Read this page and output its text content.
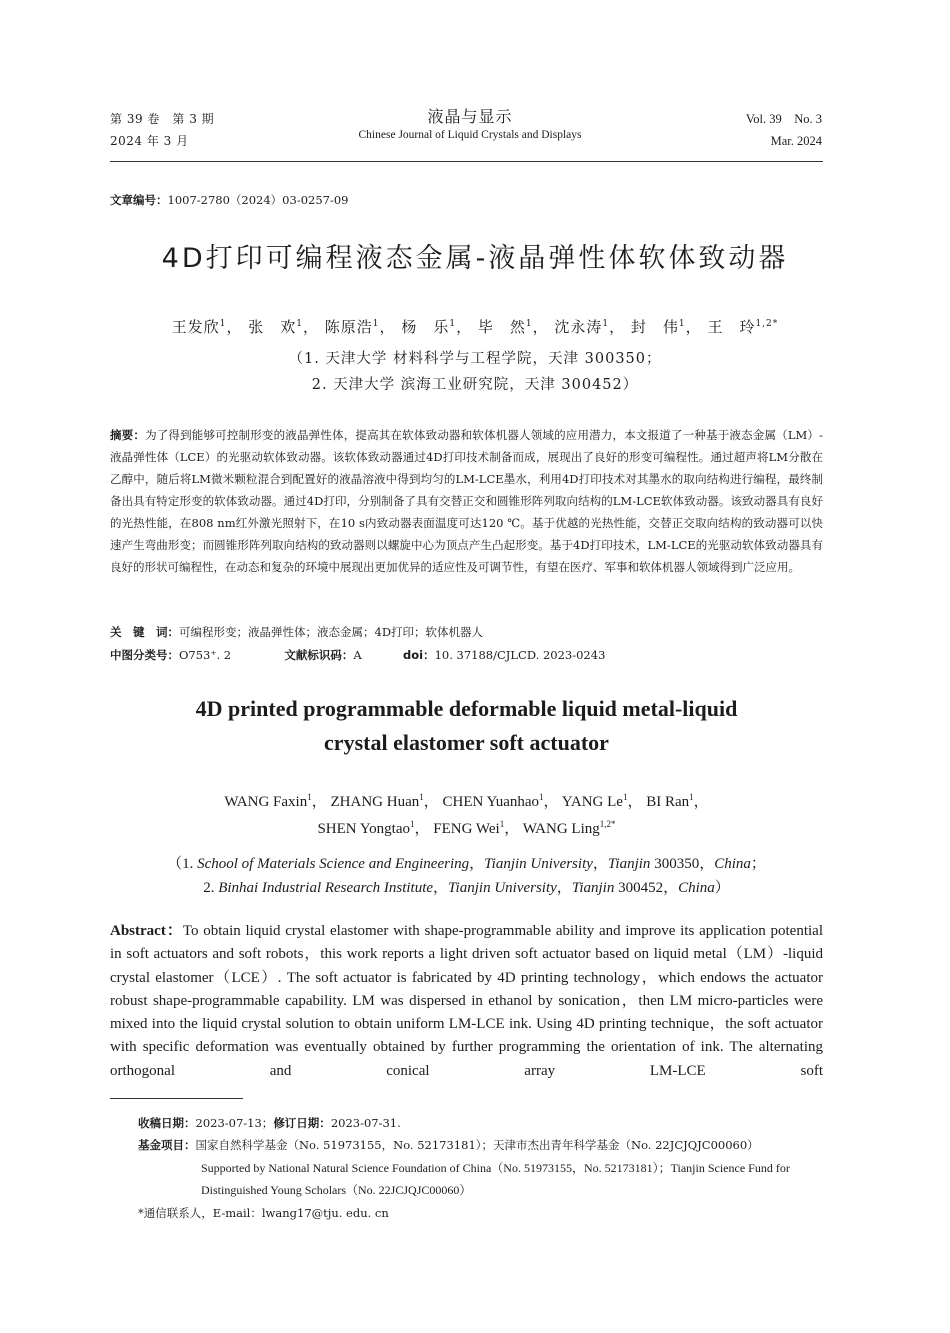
第 39 卷　第 3 期
2024 年 3 月
液晶与显示
Chinese Journal of Liquid Crystals and Displays
Vol. 39　No. 3
Mar. 2024
文章编号：1007-2780（2024）03-0257-09
4D打印可编程液态金属-液晶弹性体软体致动器
王发欣$^1$， 张　欢$^1$， 陈原浩$^1$， 杨　乐$^1$， 毕　然$^1$， 沈永涛$^1$， 封　伟$^1$， 王　玲$^{1,2*}$
（1. 天津大学 材料科学与工程学院，天津 300350；
2. 天津大学 滨海工业研究院，天津 300452）
摘要：为了得到能够可控制形变的液晶弹性体，提高其在软体致动器和软体机器人领域的应用潜力，本文报道了一种基于液态金属（LM）-液晶弹性体（LCE）的光驱动软体致动器。该软体致动器通过4D打印技术制备而成，展现出了良好的形变可编程性。通过超声将LM分散在乙醇中，随后将LM微米颗粒混合到配置好的液晶溶液中得到均匀的LM-LCE墨水，利用4D打印技术对其墨水的取向结构进行编程，最终制备出具有特定形变的软体致动器。通过4D打印，分别制备了具有交替正交和圆锥形阵列取向结构的LM-LCE软体致动器。该致动器具有良好的光热性能，在808 nm红外激光照射下，在10 s内致动器表面温度可达120 ℃。基于优越的光热性能，交替正交取向结构的致动器可以快速产生弯曲形变；而圆锥形阵列取向结构的致动器则以螺旋中心为顶点产生凸起形变。基于4D打印技术，LM-LCE的光驱动软体致动器具有良好的形状可编程性，在动态和复杂的环境中展现出更加优异的适应性及可调节性，有望在医疗、军事和软体机器人领域得到广泛应用。
关　键　词：可编程形变；液晶弹性体；液态金属；4D打印；软体机器人
中图分类号：O753⁺. 2	文献标识码：A	doi：10. 37188/CJLCD. 2023-0243
4D printed programmable deformable liquid metal-liquid
crystal elastomer soft actuator
WANG Faxin$^1$， ZHANG Huan$^1$， CHEN Yuanhao$^1$， YANG Le$^1$， BI Ran$^1$，
SHEN Yongtao$^1$， FENG Wei$^1$， WANG Ling$^{1,2*}$
（1. School of Materials Science and Engineering，Tianjin University，Tianjin 300350，China；
2. Binhai Industrial Research Institute，Tianjin University，Tianjin 300452，China）
Abstract：To obtain liquid crystal elastomer with shape-programmable ability and improve its application potential in soft actuators and soft robots，this work reports a light driven soft actuator based on liquid metal（LM）-liquid crystal elastomer（LCE）. The soft actuator is fabricated by 4D printing technology，which endows the actuator robust shape-programmable capability. LM was dispersed in ethanol by sonication，then LM micro-particles were mixed into the liquid crystal solution to obtain uniform LM-LCE ink. Using 4D printing technique，the soft actuator with specific deformation was eventually obtained by further programming the orientation of ink. The alternating orthogonal and conical array LM-LCE soft
收稿日期：2023-07-13；修订日期：2023-07-31.
基金项目：国家自然科学基金（No. 51973155，No. 52173181）；天津市杰出青年科学基金（No. 22JCJQJC00060）
Supported by National Natural Science Foundation of China（No. 51973155，No. 52173181）；Tianjin Science Fund for Distinguished Young Scholars（No. 22JCJQJC00060）
*通信联系人，E-mail：lwang17@tju. edu. cn
